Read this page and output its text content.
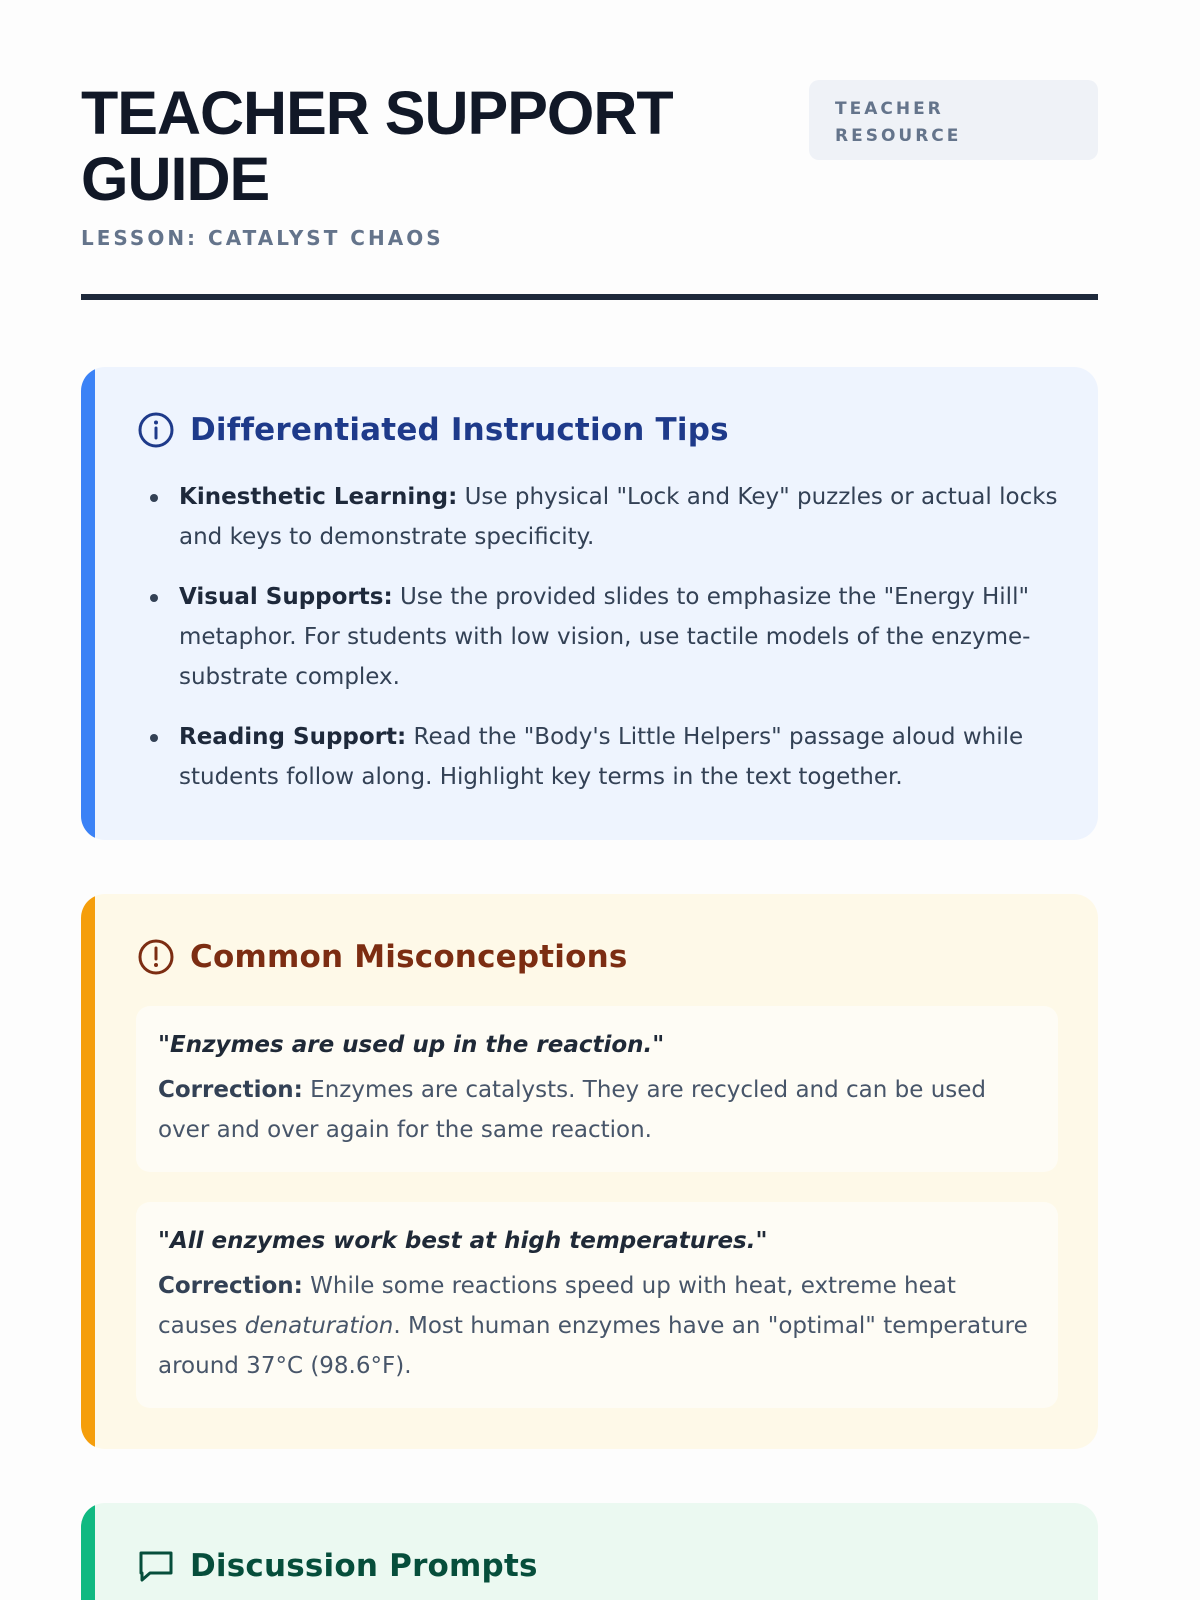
TEACHER SUPPORT GUIDE
LESSON: CATALYST CHAOS
TEACHER RESOURCE
Differentiated Instruction Tips
Kinesthetic Learning: Use physical "Lock and Key" puzzles or actual locks and keys to demonstrate specificity.
Visual Supports: Use the provided slides to emphasize the "Energy Hill" metaphor. For students with low vision, use tactile models of the enzyme-substrate complex.
Reading Support: Read the "Body's Little Helpers" passage aloud while students follow along. Highlight key terms in the text together.
Common Misconceptions
"Enzymes are used up in the reaction."
Correction: Enzymes are catalysts. They are recycled and can be used over and over again for the same reaction.
"All enzymes work best at high temperatures."
Correction: While some reactions speed up with heat, extreme heat causes denaturation. Most human enzymes have an "optimal" temperature around 37°C (98.6°F).
Discussion Prompts
